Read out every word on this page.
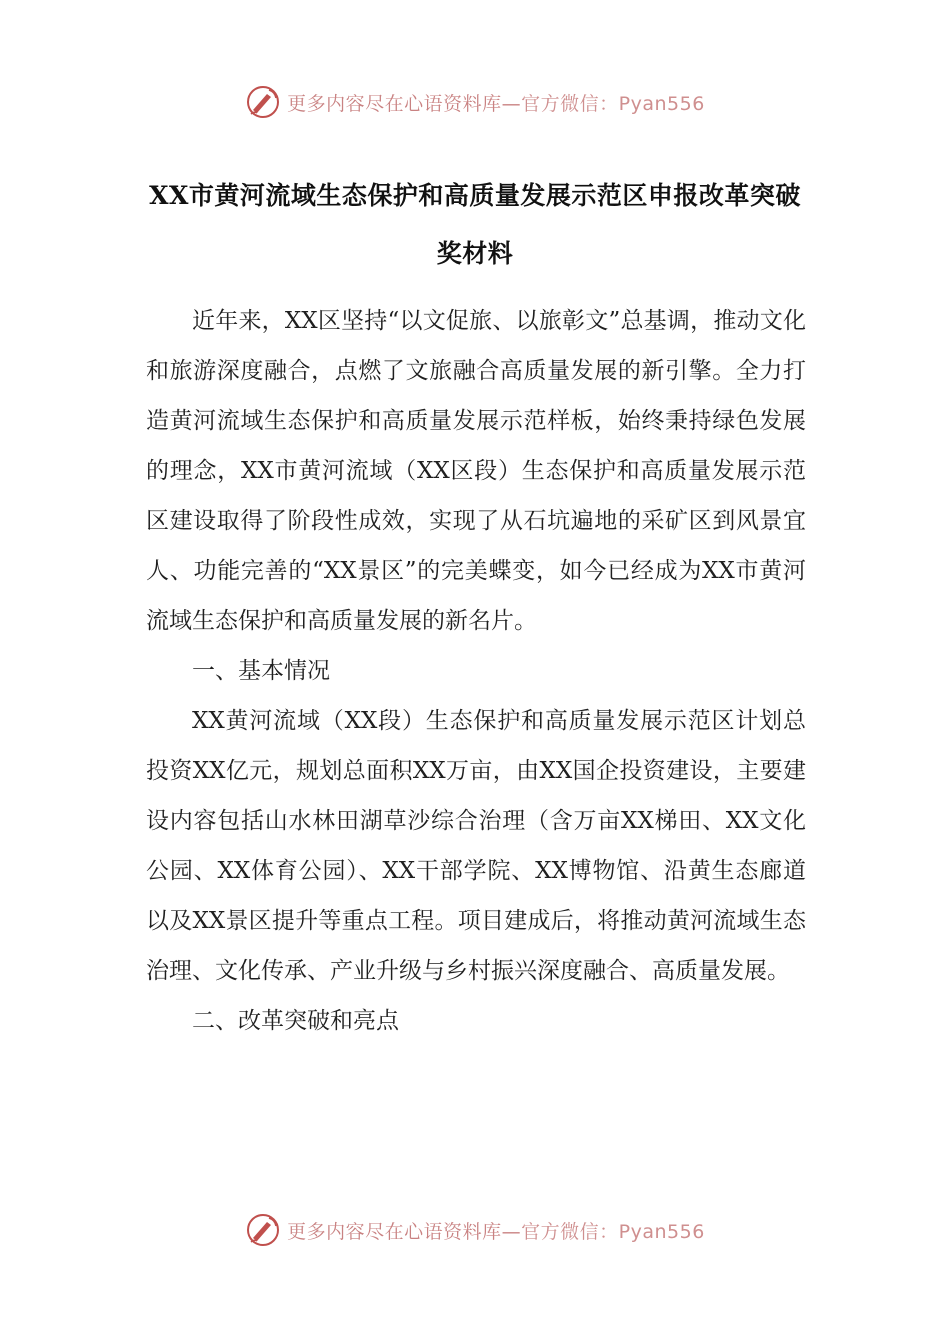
更多内容尽在心语资料库—官方微信：Pyan556
XX市黄河流域生态保护和高质量发展示范区申报改革突破
奖材料

近年来，XX区坚持“以文促旅、以旅彰文”总基调，推动文化和旅游深度融合，点燃了文旅融合高质量发展的新引擎。全力打造黄河流域生态保护和高质量发展示范样板，始终秉持绿色发展的理念，XX市黄河流域（XX区段）生态保护和高质量发展示范区建设取得了阶段性成效，实现了从石坑遍地的采矿区到风景宜人、功能完善的“XX景区”的完美蝶变，如今已经成为XX市黄河流域生态保护和高质量发展的新名片。

一、基本情况

XX黄河流域（XX段）生态保护和高质量发展示范区计划总投资XX亿元，规划总面积XX万亩，由XX国企投资建设，主要建设内容包括山水林田湖草沙综合治理（含万亩XX梯田、XX文化公园、XX体育公园）、XX干部学院、XX博物馆、沿黄生态廊道以及XX景区提升等重点工程。项目建成后，将推动黄河流域生态治理、文化传承、产业升级与乡村振兴深度融合、高质量发展。

二、改革突破和亮点

更多内容尽在心语资料库—官方微信：Pyan556
